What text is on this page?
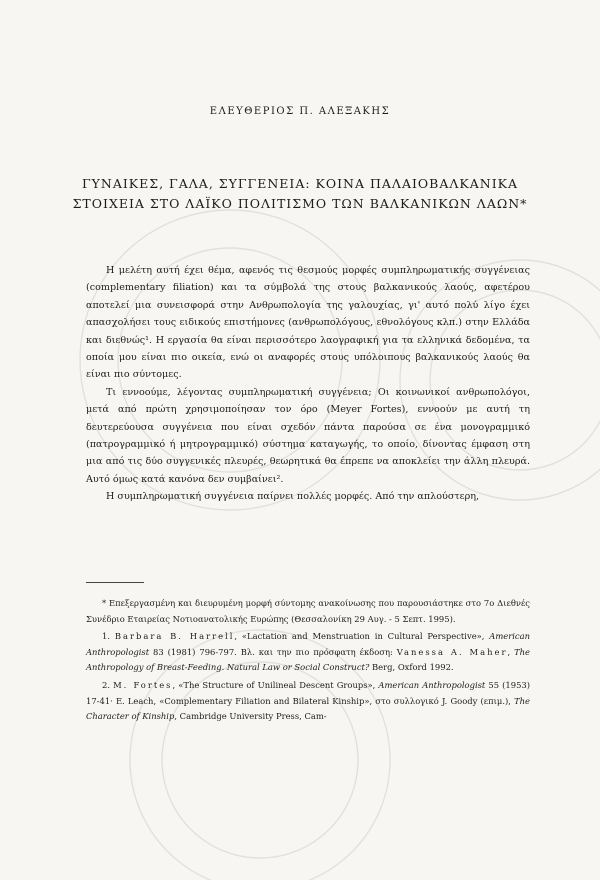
ΕΛΕΥΘΕΡΙΟΣ Π. ΑΛΕΞΑΚΗΣ
ΓΥΝΑΙΚΕΣ, ΓΑΛΑ, ΣΥΓΓΕΝΕΙΑ: ΚΟΙΝΑ ΠΑΛΑΙΟΒΑΛΚΑΝΙΚΑ
ΣΤΟΙΧΕΙΑ ΣΤΟ ΛΑΪΚΟ ΠΟΛΙΤΙΣΜΟ ΤΩΝ ΒΑΛΚΑΝΙΚΩΝ ΛΑΩΝ*

Η μελέτη αυτή έχει θέμα, αφενός τις θεσμούς μορφές συμπληρωματικής συγγένειας (complementary filiation) και τα σύμβολά της στους βαλκανικούς λαούς, αφετέρου αποτελεί μια συνεισφορά στην Ανθρωπολογία της γαλουχίας, γι' αυτό πολύ λίγο έχει απασχολήσει τους ειδικούς επιστήμονες (ανθρωπολόγους, εθνολόγους κλπ.) στην Ελλάδα και διεθνώς¹. Η εργασία θα είναι περισσότερο λαογραφική για τα ελληνικά δεδομένα, τα οποία μου είναι πιο οικεία, ενώ οι αναφορές στους υπόλοιπους βαλκανικούς λαούς θα είναι πιο σύντομες.

Τι εννοούμε, λέγοντας συμπληρωματική συγγένεια; Οι κοινωνικοί ανθρωπολόγοι, μετά από πρώτη χρησιμοποίησαν τον όρο (Meyer Fortes), εννοούν με αυτή τη δευτερεύουσα συγγένεια που είναι σχεδόν πάντα παρούσα σε ένα μονογραμμικό (πατρογραμμικό ή μητρογραμμικό) σύστημα καταγωγής, το οποίο, δίνοντας έμφαση στη μια από τις δύο συγγενικές πλευρές, θεωρητικά θα έπρεπε να αποκλείει την άλλη πλευρά. Αυτό όμως κατά κανόνα δεν συμβαίνει².

Η συμπληρωματική συγγένεια παίρνει πολλές μορφές. Από την απλούστερη,

* Επεξεργασμένη και διευρυμένη μορφή σύντομης ανακοίνωσης που παρουσιάστηκε στο 7ο Διεθνές Συνέδριο Εταιρείας Νοτιοανατολικής Ευρώπης (Θεσσαλονίκη 29 Αυγ. - 5 Σεπτ. 1995).

1. Barbara B. Harrell, «Lactation and Menstruation in Cultural Perspective», American Anthropologist 83 (1981) 796-797. Βλ. και την πιο πρόσφατη έκδοση: Vanessa A. Maher, The Anthropology of Breast-Feeding. Natural Law or Social Construct? Berg, Oxford 1992.

2. M. Fortes, «The Structure of Unilineal Descent Groups», American Anthropologist 55 (1953) 17-41· E. Leach, «Complementary Filiation and Bilateral Kinship», στο συλλογικό J. Goody (επιμ.), The Character of Kinship, Cambridge University Press, Cam-
